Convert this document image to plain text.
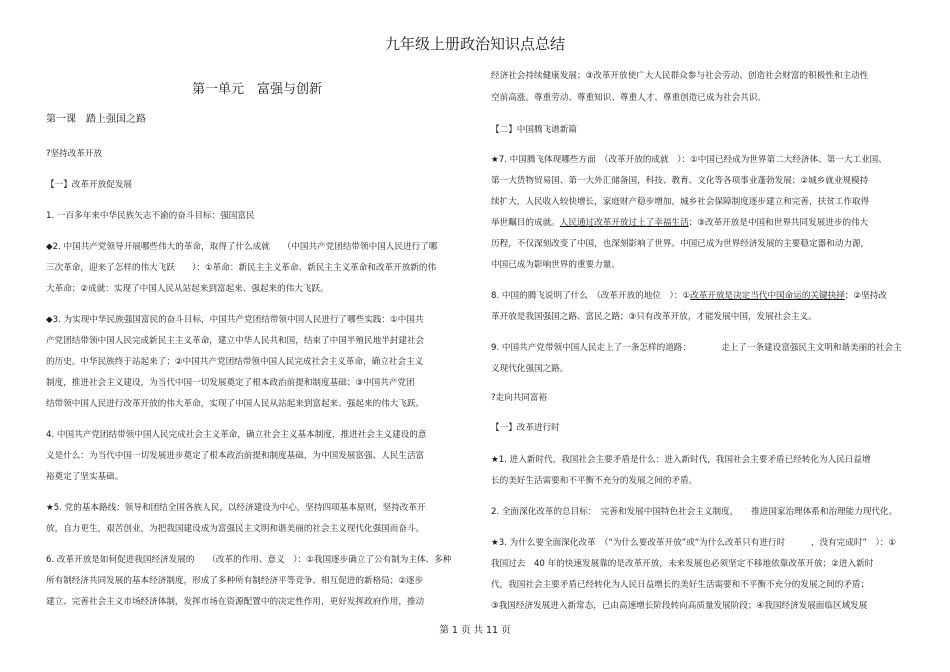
九年级上册政治知识点总结
第一单元　富强与创新
第一课　踏上强国之路
?坚持改革开放
【一】改革开放促发展
1. 一百多年来中华民族矢志不渝的奋斗目标：强国富民
◆2. 中国共产党领导开展哪些伟大的革命，取得了什么成就　　（中国共产党团结带领中国人民进行了哪
三次革命，迎来了怎样的伟大飞跃　　）：①革命：新民主主义革命、新民主主义革命和改革开放新的伟
大革命；②成就：实现了中国人民从站起来到富起来、强起来的伟大飞跃。
◆3. 为实现中华民族强国富民的奋斗目标，中国共产党团结带领中国人民进行了哪些实践：①中国共
产党团结带领中国人民完成新民主主义革命，建立中华人民共和国，结束了中国半殖民地半封建社会
的历史。中华民族终于站起来了；②中国共产党团结带领中国人民完成社会主义革命，确立社会主义
制度，推进社会主义建设，为当代中国一切发展奠定了根本政治前提和制度基础；③中国共产党团
结带领中国人民进行改革开放的伟大革命，实现了中国人民从站起来到富起来、强起来的伟大飞跃。
4. 中国共产党团结带领中国人民完成社会主义革命，确立社会主义基本制度，推进社会主义建设的意
义是什么：为当代中国一切发展进步奠定了根本政治前提和制度基础，为中国发展富强、人民生活富
裕奠定了坚实基础。
★5. 党的基本路线：领导和团结全国各族人民，以经济建设为中心，坚持四项基本原则，坚持改革开
放，自力更生，艰苦创业，为把我国建设成为富强民主文明和谐美丽的社会主义现代化强国而奋斗。
6. 改革开放是如何促进我国经济发展的　　（改革的作用、意义　）：①我国逐步确立了公有制为主体、多种
所有制经济共同发展的基本经济制度，形成了多种所有制经济平等竞争、相互促进的新格局；②逐步
建立、完善社会主义市场经济体制，发挥市场在资源配置中的决定性作用，更好发挥政府作用，推动
经济社会持续健康发展；③改革开放使广大人民群众参与社会劳动、创造社会财富的积极性和主动性
空前高涨。尊重劳动、尊重知识、尊重人才、尊重创造已成为社会共识。
【二】中国腾飞谱新篇
★7. 中国腾飞体现哪些方面　（改革开放的成就　）：①中国已经成为世界第二大经济体、第一大工业国、
第一大货物贸易国、第一大外汇储备国，科技、教育、文化等各项事业蓬勃发展；②城乡就业规模持
续扩大，人民收入较快增长，家庭财产稳步增加，城乡社会保障制度逐步建立和完善，扶贫工作取得
举世瞩目的成就。人民通过改革开放过上了幸福生活；③改革开放是中国和世界共同发展进步的伟大
历程，不仅深刻改变了中国，也深刻影响了世界。中国已成为世界经济发展的主要稳定器和动力源，
中国已成为影响世界的重要力量。
8. 中国的腾飞说明了什么　（改革开放的地位　）：①改革开放是决定当代中国命运的关键抉择；②坚持改
革开放是我国强国之路、富民之路；③只有改革开放，才能发展中国，发展社会主义。
9. 中国共产党带领中国人民走上了一条怎样的道路：　　　　走上了一条建设富强民主文明和谐美丽的社会主
义现代化强国之路。
?走向共同富裕
【一】改革进行时
★1. 进入新时代，我国社会主要矛盾是什么：进入新时代，我国社会主要矛盾已经转化为人民日益增
长的美好生活需要和不平衡不充分的发展之间的矛盾。
2. 全面深化改革的总目标：　完善和发展中国特色社会主义制度，　　推进国家治理体系和治理能力现代化。
★3. 为什么要全面深化改革　（“为什么要改革开放”或“为什么改革只有进行时　　　，没有完成时”　）：①
我国过去　40 年的快速发展靠的是改革开放，未来发展也必须坚定不移地依靠改革开放；②进入新时
代，我国社会主要矛盾已经转化为人民日益增长的美好生活需要和不平衡不充分的发展之间的矛盾；
③我国经济发展进入新常态，已由高速增长阶段转向高质量发展阶段；④我国经济发展面临区域发展
第 1 页 共 11 页
